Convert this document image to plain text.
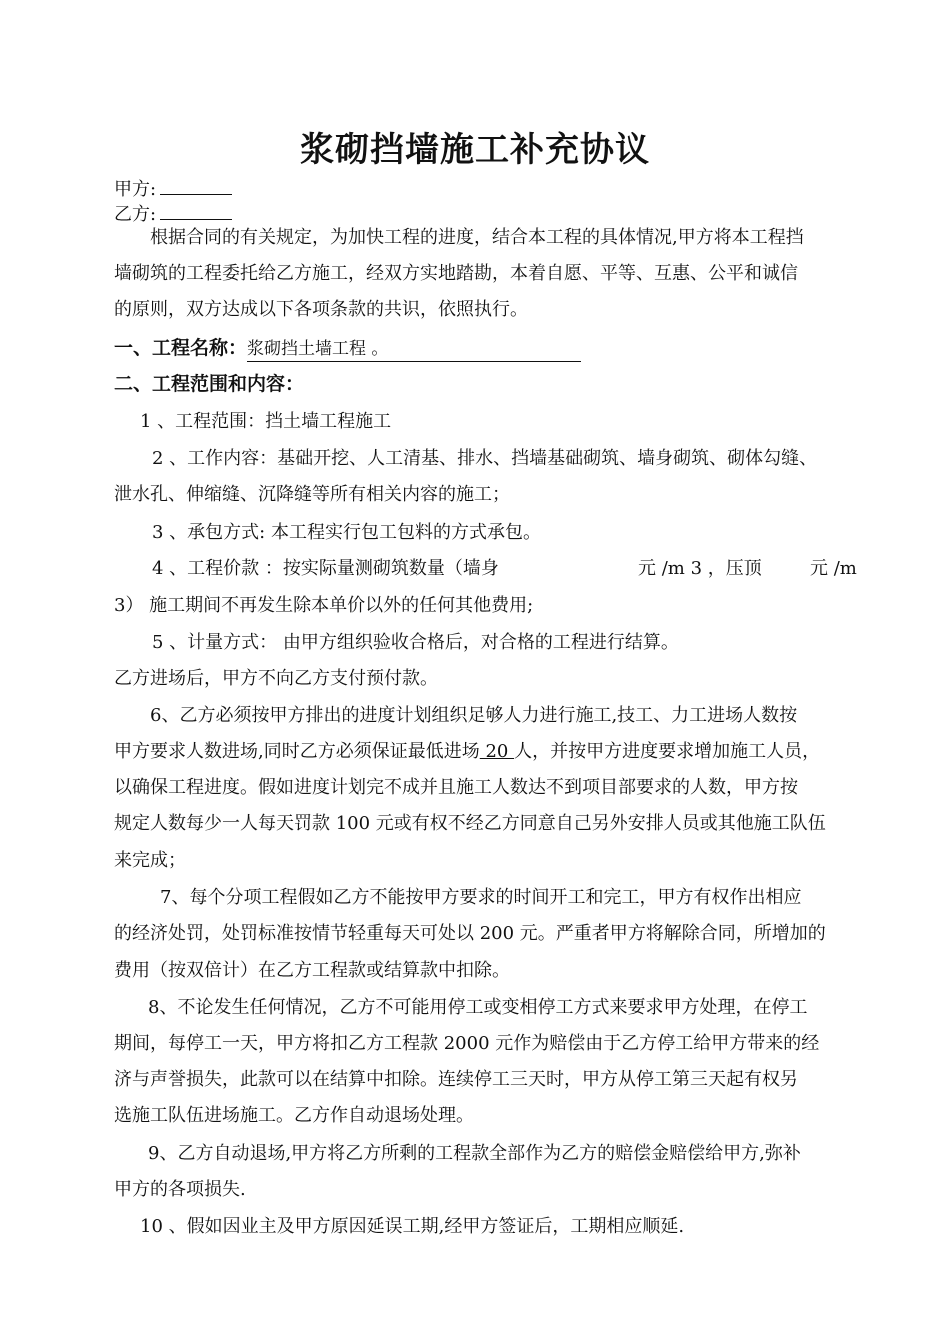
浆砌挡墙施工补充协议
甲方:
乙方:
根据合同的有关规定，为加快工程的进度，结合本工程的具体情况,甲方将本工程挡
墙砌筑的工程委托给乙方施工，经双方实地踏勘，本着自愿、平等、互惠、公平和诚信
的原则，双方达成以下各项条款的共识，依照执行。
一、工程名称：浆砌挡土墙工程 。
二、工程范围和内容：
1 、工程范围：挡土墙工程施工
2 、工作内容：基础开挖、人工清基、排水、挡墙基础砌筑、墙身砌筑、砌体勾缝、
泄水孔、伸缩缝、沉降缝等所有相关内容的施工；
3 、承包方式: 本工程实行包工包料的方式承包。
4 、工程价款 ：按实际量测砌筑数量（墙身	元 /m 3 ，压顶	元 /m
3） 施工期间不再发生除本单价以外的任何其他费用;
5 、计量方式： 由甲方组织验收合格后，对合格的工程进行结算。
乙方进场后，甲方不向乙方支付预付款。
6、乙方必须按甲方排出的进度计划组织足够人力进行施工,技工、力工进场人数按
甲方要求人数进场,同时乙方必须保证最低进场 20 人，并按甲方进度要求增加施工人员，
以确保工程进度。假如进度计划完不成并且施工人数达不到项目部要求的人数，甲方按
规定人数每少一人每天罚款 100 元或有权不经乙方同意自己另外安排人员或其他施工队伍
来完成；
7、每个分项工程假如乙方不能按甲方要求的时间开工和完工，甲方有权作出相应
的经济处罚，处罚标准按情节轻重每天可处以 200 元。严重者甲方将解除合同，所增加的
费用（按双倍计）在乙方工程款或结算款中扣除。
8、不论发生任何情况，乙方不可能用停工或变相停工方式来要求甲方处理，在停工
期间，每停工一天，甲方将扣乙方工程款 2000 元作为赔偿由于乙方停工给甲方带来的经
济与声誉损失，此款可以在结算中扣除。连续停工三天时，甲方从停工第三天起有权另
选施工队伍进场施工。乙方作自动退场处理。
9、乙方自动退场,甲方将乙方所剩的工程款全部作为乙方的赔偿金赔偿给甲方,弥补
甲方的各项损失.
10 、假如因业主及甲方原因延误工期,经甲方签证后，工期相应顺延.
